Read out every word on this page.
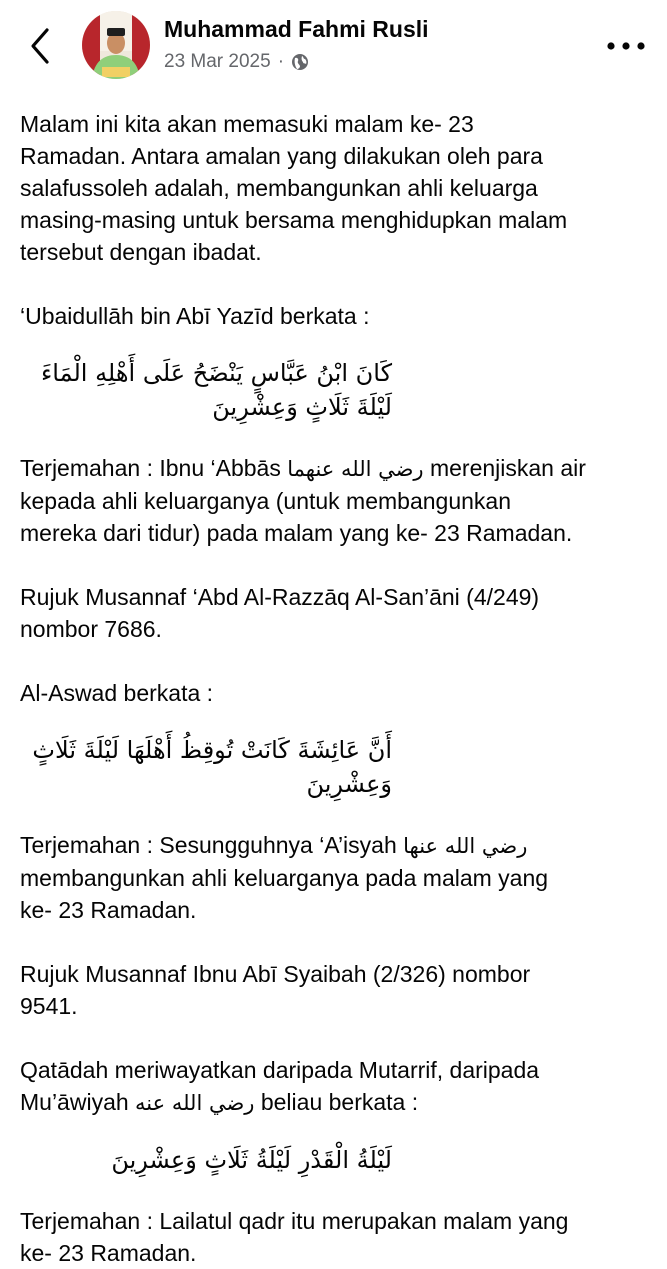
Muhammad Fahmi Rusli
23 Mar 2025 ·

Malam ini kita akan memasuki malam ke- 23
Ramadan. Antara amalan yang dilakukan oleh para
salafussoleh adalah, membangunkan ahli keluarga
masing-masing untuk bersama menghidupkan malam
tersebut dengan ibadat.

‘Ubaidullāh bin Abī Yazīd berkata :

كَانَ ابْنُ عَبَّاسٍ يَنْضَحُ عَلَى أَهْلِهِ الْمَاءَ لَيْلَةَ ثَلَاثٍ وَعِشْرِينَ

Terjemahan : Ibnu ‘Abbās رضي الله عنهما merenjiskan air
kepada ahli keluarganya (untuk membangunkan
mereka dari tidur) pada malam yang ke- 23 Ramadan.

Rujuk Musannaf ‘Abd Al-Razzāq Al-San’āni (4/249)
nombor 7686.

Al-Aswad berkata :

أَنَّ عَائِشَةَ كَانَتْ تُوقِظُ أَهْلَهَا لَيْلَةَ ثَلَاثٍ وَعِشْرِينَ

Terjemahan : Sesungguhnya ‘A’isyah رضي الله عنها
membangunkan ahli keluarganya pada malam yang
ke- 23 Ramadan.

Rujuk Musannaf Ibnu Abī Syaibah (2/326) nombor
9541.

Qatādah meriwayatkan daripada Mutarrif, daripada
Mu’āwiyah رضي الله عنه beliau berkata :

لَيْلَةُ الْقَدْرِ لَيْلَةُ ثَلَاثٍ وَعِشْرِينَ

Terjemahan : Lailatul qadr itu merupakan malam yang
ke- 23 Ramadan.
